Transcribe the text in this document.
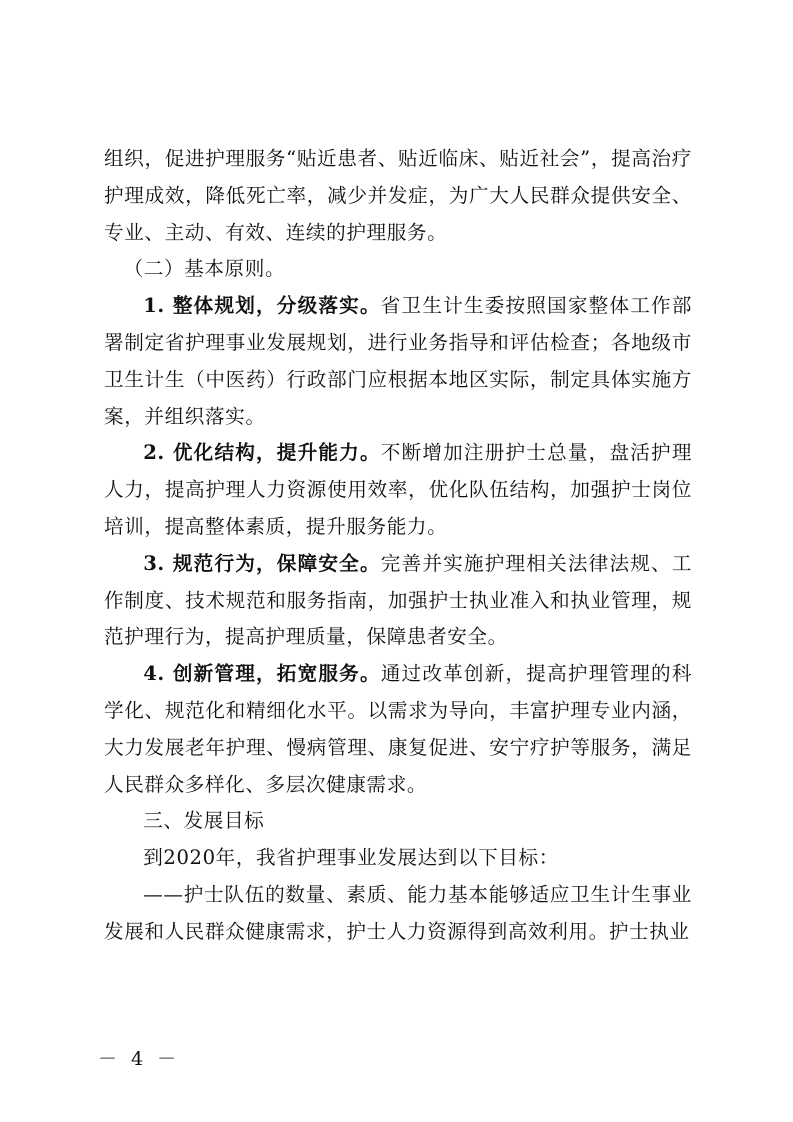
组织，促进护理服务“贴近患者、贴近临床、贴近社会”，提高治疗护理成效，降低死亡率，减少并发症，为广大人民群众提供安全、专业、主动、有效、连续的护理服务。

（二）基本原则。

1. 整体规划，分级落实。省卫生计生委按照国家整体工作部署制定省护理事业发展规划，进行业务指导和评估检查；各地级市卫生计生（中医药）行政部门应根据本地区实际，制定具体实施方案，并组织落实。

2. 优化结构，提升能力。不断增加注册护士总量，盘活护理人力，提高护理人力资源使用效率，优化队伍结构，加强护士岗位培训，提高整体素质，提升服务能力。

3. 规范行为，保障安全。完善并实施护理相关法律法规、工作制度、技术规范和服务指南，加强护士执业准入和执业管理，规范护理行为，提高护理质量，保障患者安全。

4. 创新管理，拓宽服务。通过改革创新，提高护理管理的科学化、规范化和精细化水平。以需求为导向，丰富护理专业内涵，大力发展老年护理、慢病管理、康复促进、安宁疗护等服务，满足人民群众多样化、多层次健康需求。

三、发展目标

到2020年，我省护理事业发展达到以下目标：

——护士队伍的数量、素质、能力基本能够适应卫生计生事业发展和人民群众健康需求，护士人力资源得到高效利用。护士执业

－ 4 －
